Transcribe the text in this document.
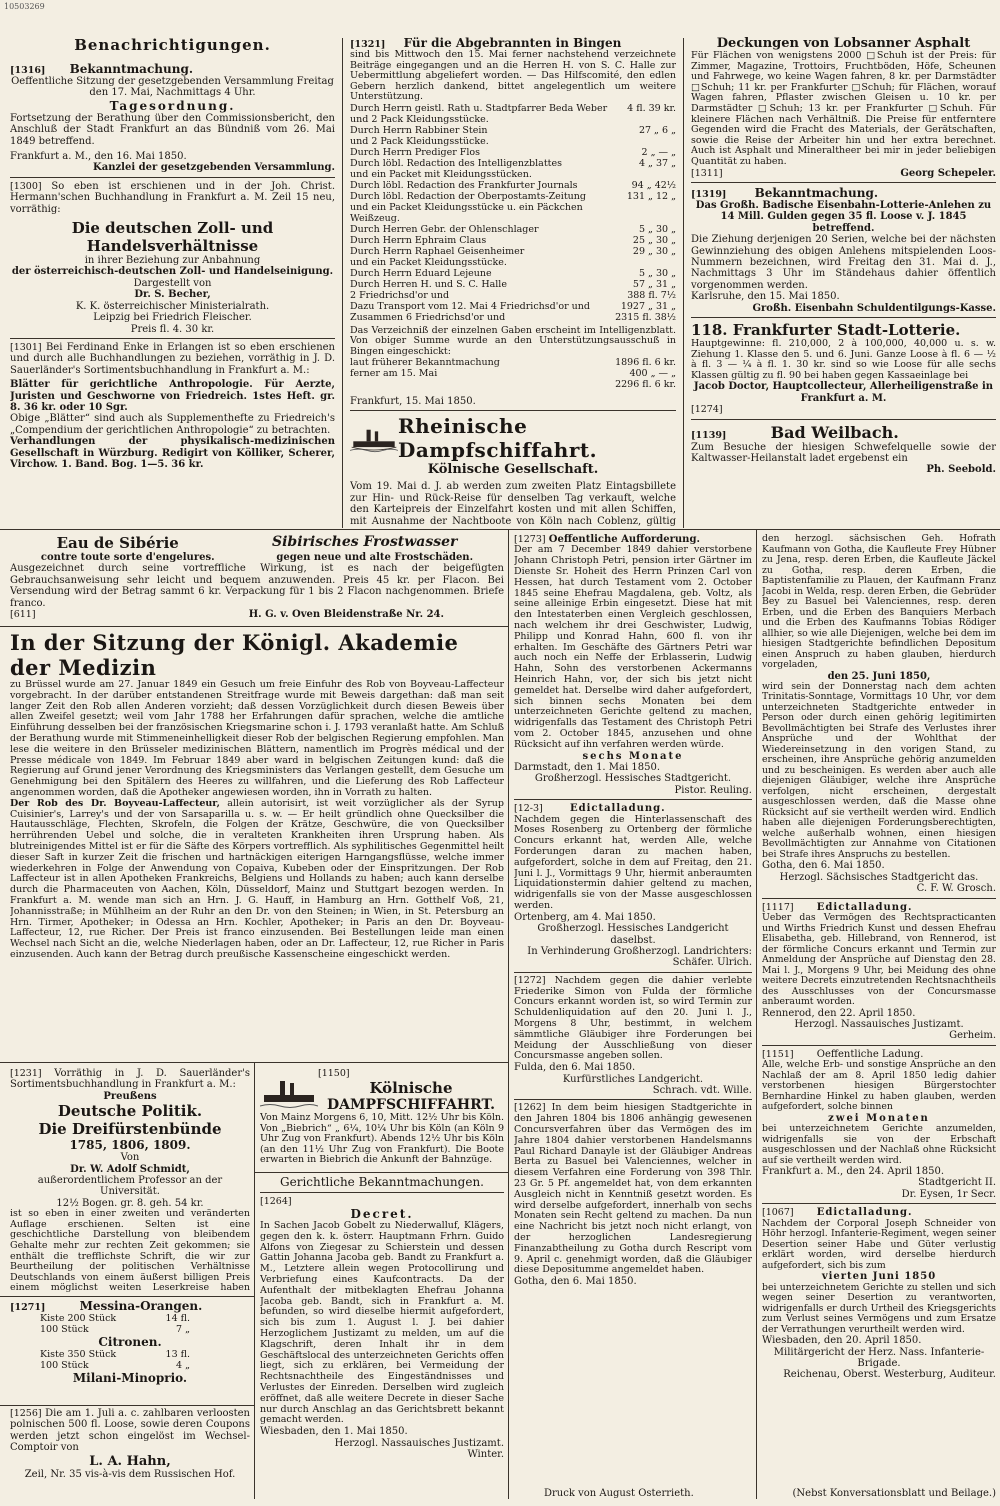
10503269

Benachrichtigungen.

[1316] Bekanntmachung.

Oeffentliche Sitzung der gesetzgebenden Versammlung Freitag den 17. Mai, Nachmittags 4 Uhr.

Tagesordnung.

Fortsetzung der Berathung über den Commissionsbericht, den Anschluß der Stadt Frankfurt an das Bündniß vom 26. Mai 1849 betreffend.

Frankfurt a. M., den 16. Mai 1850.

Kanzlei der gesetzgebenden Versammlung.

[1300] So eben ist erschienen und in der Joh. Christ. Hermann'schen Buchhandlung in Frankfurt a. M. Zeil 15 neu, vorräthig:

Die deutschen Zoll- und Handelsverhältnisse

in ihrer Beziehung zur Anbahnung

der österreichisch-deutschen Zoll- und Handelseinigung.

Dargestellt von

Dr. S. Becher,

K. K. österreichischer Ministerialrath.

Leipzig bei Friedrich Fleischer.

Preis fl. 4. 30 kr.

[1301] Bei Ferdinand Enke in Erlangen ist so eben erschienen und durch alle Buchhandlungen zu beziehen, vorräthig in J. D. Sauerländer's Sortimentsbuchhandlung in Frankfurt a. M.:

Blätter für gerichtliche Anthropologie. Für Aerzte, Juristen und Geschworne von Friedreich. 1stes Heft. gr. 8. 36 kr. oder 10 Sgr.

Obige „Blätter“ sind auch als Supplementhefte zu Friedreich's „Compendium der gerichtlichen Anthropologie“ zu betrachten.

Verhandlungen der physikalisch-medizinischen Gesellschaft in Würzburg. Redigirt von Kölliker, Scherer, Virchow. 1. Band. Bog. 1—5. 36 kr.

[1321] Für die Abgebrannten in Bingen

sind bis Mittwoch den 15. Mai ferner nachstehend verzeichnete Beiträge eingegangen und an die Herren H. von S. C. Halle zur Uebermittlung abgeliefert worden. — Das Hilfscomité, den edlen Gebern herzlich dankend, bittet angelegentlich um weitere Unterstützung.

Durch Herrn geistl. Rath u. Stadtpfarrer Beda Weber	4 fl. 39 kr.
und 2 Pack Kleidungsstücke.	
Durch Herrn Rabbiner Stein	27 „ 6 „
und 2 Pack Kleidungsstücke.	
Durch Herrn Prediger Flos	2 „ — „
Durch löbl. Redaction des Intelligenzblattes	4 „ 37 „
und ein Packet mit Kleidungsstücken.	
Durch löbl. Redaction des Frankfurter Journals	94 „ 42½
Durch löbl. Redaction der Oberpostamts-Zeitung	131 „ 12 „
und ein Packet Kleidungsstücke u. ein Päckchen Weißzeug.	
Durch Herren Gebr. der Ohlenschlager	5 „ 30 „
Durch Herrn Ephraim Claus	25 „ 30 „
Durch Herrn Raphael Geisenheimer	29 „ 30 „
und ein Packet Kleidungsstücke.	
Durch Herrn Eduard Lejeune	5 „ 30 „
Durch Herren H. und S. C. Halle	57 „ 31 „
2 Friedrichsd'or und	388 fl. 7½
Dazu Transport vom 12. Mai 4 Friedrichsd'or und	1927 „ 31 „
Zusammen 6 Friedrichsd'or und	2315 fl. 38½

Das Verzeichniß der einzelnen Gaben erscheint im Intelligenzblatt. Von obiger Summe wurde an den Unterstützungsausschuß in Bingen eingeschickt:

laut früherer Bekanntmachung	1896 fl. 6 kr.
ferner am 15. Mai	400 „ — „
	2296 fl. 6 kr.

Frankfurt, 15. Mai 1850.

Rheinische Dampfschiffahrt.

Kölnische Gesellschaft.

Vom 19. Mai d. J. ab werden zum zweiten Platz Eintagsbillete zur Hin- und Rück-Reise für denselben Tag verkauft, welche den Karteipreis der Einzelfahrt kosten und mit allen Schiffen, mit Ausnahme der Nachtboote von Köln nach Coblenz, gültig

Deckungen von Lobsanner Asphalt

Für Flächen von wenigstens 2000 □Schuh ist der Preis: für Zimmer, Magazine, Trottoirs, Fruchtböden, Höfe, Scheunen und Fahrwege, wo keine Wagen fahren, 8 kr. per Darmstädter □Schuh; 11 kr. per Frankfurter □Schuh; für Flächen, worauf Wagen fahren, Pflaster zwischen Gleisen u. 10 kr. per Darmstädter □Schuh; 13 kr. per Frankfurter □Schuh. Für kleinere Flächen nach Verhältniß. Die Preise für entferntere Gegenden wird die Fracht des Materials, der Gerätschaften, sowie die Reise der Arbeiter hin und her extra berechnet. Auch ist Asphalt und Mineraltheer bei mir in jeder beliebigen Quantität zu haben.

[1311]	Georg Schepeler.

[1319] Bekanntmachung.

Das Großh. Badische Eisenbahn-Lotterie-Anlehen zu 14 Mill. Gulden gegen 35 fl. Loose v. J. 1845 betreffend.

Die Ziehung derjenigen 20 Serien, welche bei der nächsten Gewinnziehung des obigen Anlehens mitspielenden Loos-Nummern bezeichnen, wird Freitag den 31. Mai d. J., Nachmittags 3 Uhr im Ständehaus dahier öffentlich vorgenommen werden.

Karlsruhe, den 15. Mai 1850.

Großh. Eisenbahn Schuldentilgungs-Kasse.

118. Frankfurter Stadt-Lotterie.

Hauptgewinne: fl. 210,000, 2 à 100,000, 40,000 u. s. w. Ziehung 1. Klasse den 5. und 6. Juni. Ganze Loose à fl. 6 — ½ à fl. 3 — ¼ à fl. 1. 30 kr. sind so wie Loose für alle sechs Klassen gültig zu fl. 90 bei haben gegen Kassaeinlage bei

Jacob Doctor, Hauptcollecteur, Allerheiligenstraße in Frankfurt a. M.

[1274]

[1139]	Bad Weilbach.

Zum Besuche der hiesigen Schwefelquelle sowie der Kaltwasser-Heilanstalt ladet ergebenst ein

Ph. Seebold.

Eau de Sibérie	Sibirisches Frostwasser

contre toute sorte d'engelures.	gegen neue und alte Frostschäden.

Ausgezeichnet durch seine vortreffliche Wirkung, ist es nach der beigefügten Gebrauchsanweisung sehr leicht und bequem anzuwenden. Preis 45 kr. per Flacon. Bei Versendung wird der Betrag sammt 6 kr. Verpackung für 1 bis 2 Flacon nachgenommen. Briefe franco.

[611]	H. G. v. Oven Bleidenstraße Nr. 24.

In der Sitzung der Königl. Akademie der Medizin

zu Brüssel wurde am 27. Januar 1849 ein Gesuch um freie Einfuhr des Rob von Boyveau-Laffecteur vorgebracht. In der darüber entstandenen Streitfrage wurde mit Beweis dargethan: daß man seit langer Zeit den Rob allen Anderen vorzieht; daß dessen Vorzüglichkeit durch diesen Beweis über allen Zweifel gesetzt; weil vom Jahr 1788 her Erfahrungen dafür sprachen, welche die amtliche Einführung desselben bei der französischen Kriegsmarine schon i. J. 1793 veranlaßt hatte. Am Schluß der Berathung wurde mit Stimmeneinhelligkeit dieser Rob der belgischen Regierung empfohlen. Man lese die weitere in den Brüsseler medizinischen Blättern, namentlich im Progrès médical und der Presse médicale von 1849. Im Februar 1849 aber ward in belgischen Zeitungen kund: daß die Regierung auf Grund jener Verordnung des Kriegsministers das Verlangen gestellt, dem Gesuche um Genehmigung bei den Spitälern des Heeres zu willfahren, und die Lieferung des Rob Laffecteur angenommen worden, daß die Apotheker angewiesen worden, ihn in Vorrath zu halten.

Der Rob des Dr. Boyveau-Laffecteur, allein autorisirt, ist weit vorzüglicher als der Syrup Cuisinier's, Larrey's und der von Sarsaparilla u. s. w. — Er heilt gründlich ohne Quecksilber die Hautausschläge, Flechten, Skrofeln, die Folgen der Krätze, Geschwüre, die von Quecksilber herrührenden Uebel und solche, die in veralteten Krankheiten ihren Ursprung haben. Als blutreinigendes Mittel ist er für die Säfte des Körpers vortrefflich. Als syphilitisches Gegenmittel heilt dieser Saft in kurzer Zeit die frischen und hartnäckigen eiterigen Harngangsflüsse, welche immer wiederkehren in Folge der Anwendung von Copaiva, Kubeben oder der Einspritzungen. Der Rob Laffecteur ist in allen Apotheken Frankreichs, Belgiens und Hollands zu haben; auch kann derselbe durch die Pharmaceuten von Aachen, Köln, Düsseldorf, Mainz und Stuttgart bezogen werden. In Frankfurt a. M. wende man sich an Hrn. J. G. Hauff, in Hamburg an Hrn. Gotthelf Voß, 21, Johannisstraße; in Mühlheim an der Ruhr an den Dr. von den Steinen; in Wien, in St. Petersburg an Hrn. Tirmer, Apotheker; in Odessa an Hrn. Kochler, Apotheker; in Paris an den Dr. Boyveau-Laffecteur, 12, rue Richer. Der Preis ist franco einzusenden. Bei Bestellungen leide man einen Wechsel nach Sicht an die, welche Niederlagen haben, oder an Dr. Laffecteur, 12, rue Richer in Paris einzusenden. Auch kann der Betrag durch preußische Kassenscheine eingeschickt werden.

[1231] Vorräthig in J. D. Sauerländer's Sortimentsbuchhandlung in Frankfurt a. M.:

Preußens

Deutsche Politik.

Die Dreifürstenbünde

1785, 1806, 1809.

Von

Dr. W. Adolf Schmidt,

außerordentlichem Professor an der Universität.

12½ Bogen. gr. 8. geh. 54 kr.

ist so eben in einer zweiten und veränderten Auflage erschienen. Selten ist eine geschichtliche Darstellung von bleibendem Gehalte mehr zur rechten Zeit gekommen; sie enthält die trefflichste Schrift, die wir zur Beurtheilung der politischen Verhältnisse Deutschlands von einem äußerst billigen Preis einem möglichst weiten Leserkreise haben

[1271]	Messina-Orangen.

Kiste 200 Stück	14 fl.
100 Stück	7 „

Citronen.

Kiste 350 Stück	13 fl.
100 Stück	4 „

Milani-Minoprio.

[1256] Die am 1. Juli a. c. zahlbaren verloosten polnischen 500 fl. Loose, sowie deren Coupons werden jetzt schon eingelöst im Wechsel-Comptoir von

L. A. Hahn,

Zeil, Nr. 35 vis-à-vis dem Russischen Hof.

[1150]

Kölnische

DAMPFSCHIFFAHRT.

Von Mainz Morgens 6, 10, Mitt. 12½ Uhr bis Köln. Von „Biebrich“ „ 6¼, 10¼ Uhr bis Köln (an Köln 9 Uhr Zug von Frankfurt). Abends 12½ Uhr bis Köln (an den 11½ Uhr Zug von Frankfurt). Die Boote erwarten in Biebrich die Ankunft der Bahnzüge.

Gerichtliche Bekanntmachungen.

[1264]

Decret.

In Sachen Jacob Gobelt zu Niederwalluf, Klägers, gegen den k. k. österr. Hauptmann Frhrn. Guido Alfons von Ziegesar zu Schierstein und dessen Gattin Johanna Jacoba geb. Bandt zu Frankfurt a. M., Letztere allein wegen Protocollirung und Verbriefung eines Kaufcontracts. Da der Aufenthalt der mitbeklagten Ehefrau Johanna Jacoba geb. Bandt, sich in Frankfurt a. M. befunden, so wird dieselbe hiermit aufgefordert, sich bis zum 1. August l. J. bei dahier Herzoglichem Justizamt zu melden, um auf die Klagschrift, deren Inhalt ihr in dem Geschäftslocal des unterzeichneten Gerichts offen liegt, sich zu erklären, bei Vermeidung der Rechtsnachtheile des Eingeständnisses und Verlustes der Einreden. Derselben wird zugleich eröffnet, daß alle weitere Decrete in dieser Sache nur durch Anschlag an das Gerichtsbrett bekannt gemacht werden.

Wiesbaden, den 1. Mai 1850.

Herzogl. Nassauisches Justizamt.

Winter.

[1273] Oeffentliche Aufforderung.

Der am 7 December 1849 dahier verstorbene Johann Christoph Petri, pension irter Gärtner im Dienste Sr. Hoheit des Herrn Prinzen Carl von Hessen, hat durch Testament vom 2. October 1845 seine Ehefrau Magdalena, geb. Voltz, als seine alleinige Erbin eingesetzt. Diese hat mit den Intestaterben einen Vergleich geschlossen, nach welchem ihr drei Geschwister, Ludwig, Philipp und Konrad Hahn, 600 fl. von ihr erhalten. Im Geschäfte des Gärtners Petri war auch noch ein Neffe der Erblasserin, Ludwig Hahn, Sohn des verstorbenen Ackermanns Heinrich Hahn, vor, der sich bis jetzt nicht gemeldet hat. Derselbe wird daher aufgefordert, sich binnen sechs Monaten bei dem unterzeichneten Gerichte geltend zu machen, widrigenfalls das Testament des Christoph Petri vom 2. October 1845, anzusehen und ohne Rücksicht auf ihn verfahren werden würde.

sechs Monate

Darmstadt, den 1. Mai 1850.

Großherzogl. Hessisches Stadtgericht.

Pistor. Reuling.

[12-3]	Edictalladung.

Nachdem gegen die Hinterlassenschaft des Moses Rosenberg zu Ortenberg der förmliche Concurs erkannt hat, werden Alle, welche Forderungen daran zu machen haben, aufgefordert, solche in dem auf Freitag, den 21. Juni l. J., Vormittags 9 Uhr, hiermit anberaumten Liquidationstermin dahier geltend zu machen, widrigenfalls sie von der Masse ausgeschlossen werden.

Ortenberg, am 4. Mai 1850.

Großherzogl. Hessisches Landgericht daselbst.

In Verhinderung Großherzogl. Landrichters: Schäfer. Ulrich.

[1272] Nachdem gegen die dahier verlebte Friederike Simon von Fulda der förmliche Concurs erkannt worden ist, so wird Termin zur Schuldenliquidation auf den 20. Juni l. J., Morgens 8 Uhr, bestimmt, in welchem sämmtliche Gläubiger ihre Forderungen bei Meidung der Ausschließung von dieser Concursmasse angeben sollen.

Fulda, den 6. Mai 1850.

Kurfürstliches Landgericht.

Schrach. vdt. Wille.

[1262] In dem beim hiesigen Stadtgerichte in den Jahren 1804 bis 1806 anhängig gewesenen Concursverfahren über das Vermögen des im Jahre 1804 dahier verstorbenen Handelsmanns Paul Richard Danayle ist der Gläubiger Andreas Berta zu Basuel bei Valenciennes, welcher in diesem Verfahren eine Forderung von 398 Thlr. 23 Gr. 5 Pf. angemeldet hat, von dem erkannten Ausgleich nicht in Kenntniß gesetzt worden. Es wird derselbe aufgefordert, innerhalb von sechs Monaten sein Recht geltend zu machen. Da nun eine Nachricht bis jetzt noch nicht erlangt, von der herzoglichen Landesregierung Finanzabtheilung zu Gotha durch Rescript vom 9. April c. genehmigt worden, daß die Gläubiger diese Depositumme angemeldet haben.

Gotha, den 6. Mai 1850.

den herzogl. sächsischen Geh. Hofrath Kaufmann von Gotha, die Kaufleute Frey Hübner zu Jena, resp. deren Erben, die Kaufleute Jäckel zu Gotha, resp. deren Erben, die Baptistenfamilie zu Plauen, der Kaufmann Franz Jacobi in Welda, resp. deren Erben, die Gebrüder Bey zu Basuel bei Valenciennes, resp. deren Erben, und die Erben des Banquiers Merbach und die Erben des Kaufmanns Tobias Rödiger allhier, so wie alle Diejenigen, welche bei dem im hiesigen Stadtgerichte befindlichen Depositum einen Anspruch zu haben glauben, hierdurch vorgeladen,

den 25. Juni 1850,

wird sein der Donnerstag nach dem achten Trinitatis-Sonntage, Vormittags 10 Uhr, vor dem unterzeichneten Stadtgerichte entweder in Person oder durch einen gehörig legitimirten Bevollmächtigten bei Strafe des Verlustes ihrer Ansprüche und der Wohlthat der Wiedereinsetzung in den vorigen Stand, zu erscheinen, ihre Ansprüche gehörig anzumelden und zu bescheinigen. Es werden aber auch alle diejenigen Gläubiger, welche ihre Ansprüche verfolgen, nicht erscheinen, dergestalt ausgeschlossen werden, daß die Masse ohne Rücksicht auf sie vertheilt werden wird. Endlich haben alle diejenigen Forderungsberechtigten, welche außerhalb wohnen, einen hiesigen Bevollmächtigten zur Annahme von Citationen bei Strafe ihres Anspruchs zu bestellen.

Gotha, den 6. Mai 1850.

Herzogl. Sächsisches Stadtgericht das.

C. F. W. Grosch.

[1117] Edictalladung.

Ueber das Vermögen des Rechtspracticanten und Wirths Friedrich Kunst und dessen Ehefrau Elisabetha, geb. Hillebrand, von Rennerod, ist der förmliche Concurs erkannt und Termin zur Anmeldung der Ansprüche auf Dienstag den 28. Mai l. J., Morgens 9 Uhr, bei Meidung des ohne weitere Decrets einzutretenden Rechtsnachtheils des Ausschlusses von der Concursmasse anberaumt worden.

Rennerod, den 22. April 1850.

Herzogl. Nassauisches Justizamt.

Gerheim.

[1151] Oeffentliche Ladung.

Alle, welche Erb- und sonstige Ansprüche an den Nachlaß der am 8. April 1850 ledig dahier verstorbenen hiesigen Bürgerstochter Bernhardine Hinkel zu haben glauben, werden aufgefordert, solche binnen

zwei Monaten

bei unterzeichnetem Gerichte anzumelden, widrigenfalls sie von der Erbschaft ausgeschlossen und der Nachlaß ohne Rücksicht auf sie vertheilt werden wird.

Frankfurt a. M., den 24. April 1850.

Stadtgericht II.

Dr. Eysen, 1r Secr.

[1067] Edictalladung.

Nachdem der Corporal Joseph Schneider von Höhr herzogl. Infanterie-Regiment, wegen seiner Desertion seiner Habe und Güter verlustig erklärt worden, wird derselbe hierdurch aufgefordert, sich bis zum

vierten Juni 1850

bei unterzeichnetem Gerichte zu stellen und sich wegen seiner Desertion zu verantworten, widrigenfalls er durch Urtheil des Kriegsgerichts zum Verlust seines Vermögens und zum Ersatze der Verrathungen verurtheilt werden wird.

Wiesbaden, den 20. April 1850.

Militärgericht der Herz. Nass. Infanterie-Brigade.

Reichenau, Oberst. Westerburg, Auditeur.

Druck von August Osterrieth.	(Nebst Konversationsblatt und Beilage.)
